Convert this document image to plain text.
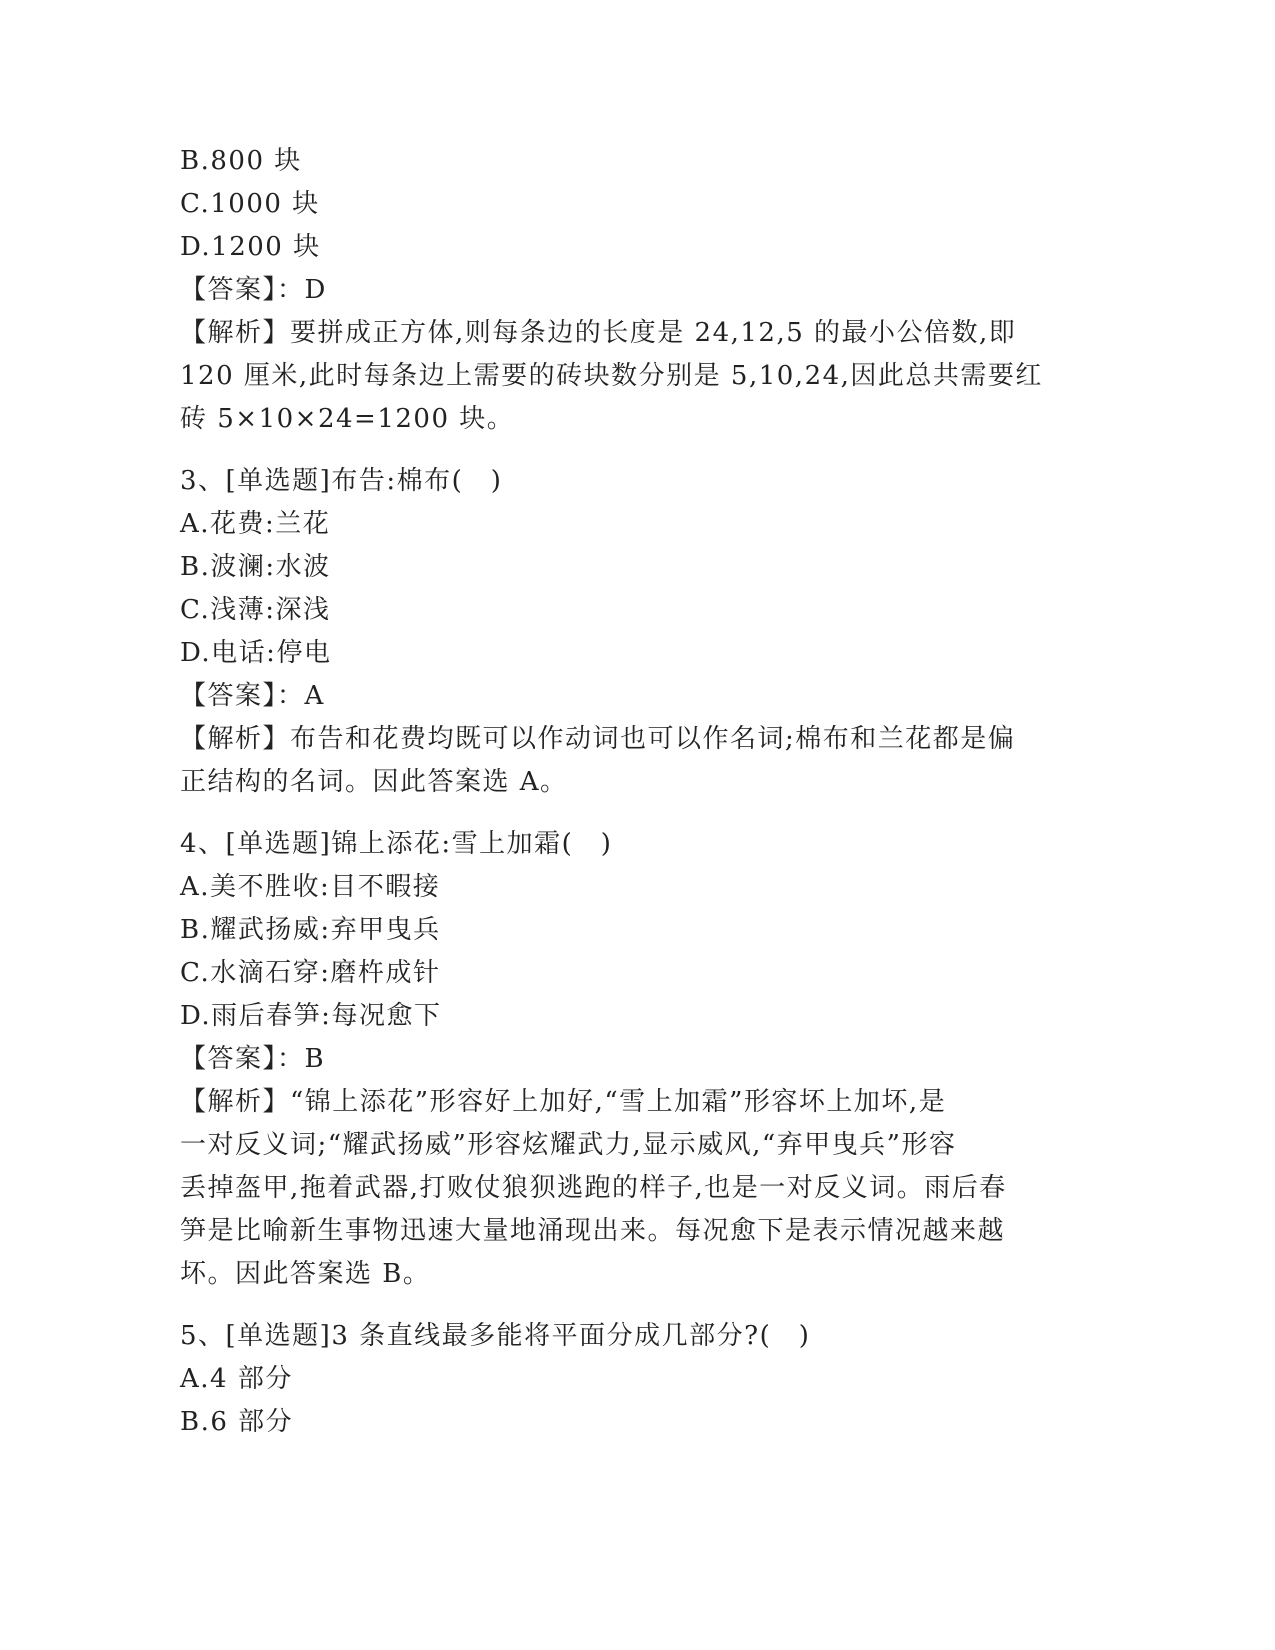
B.800 块
C.1000 块
D.1200 块
【答案】：D
【解析】要拼成正方体,则每条边的长度是 24,12,5 的最小公倍数,即
120 厘米,此时每条边上需要的砖块数分别是 5,10,24,因此总共需要红
砖 5×10×24=1200 块。
3、[单选题]布告:棉布(　)
A.花费:兰花
B.波澜:水波
C.浅薄:深浅
D.电话:停电
【答案】：A
【解析】布告和花费均既可以作动词也可以作名词;棉布和兰花都是偏
正结构的名词。因此答案选 A。
4、[单选题]锦上添花:雪上加霜(　)
A.美不胜收:目不暇接
B.耀武扬威:弃甲曳兵
C.水滴石穿:磨杵成针
D.雨后春笋:每况愈下
【答案】：B
【解析】“锦上添花”形容好上加好,“雪上加霜”形容坏上加坏,是
一对反义词;“耀武扬威”形容炫耀武力,显示威风,“弃甲曳兵”形容
丢掉盔甲,拖着武器,打败仗狼狈逃跑的样子,也是一对反义词。雨后春
笋是比喻新生事物迅速大量地涌现出来。每况愈下是表示情况越来越
坏。因此答案选 B。
5、[单选题]3 条直线最多能将平面分成几部分?(　)
A.4 部分
B.6 部分
